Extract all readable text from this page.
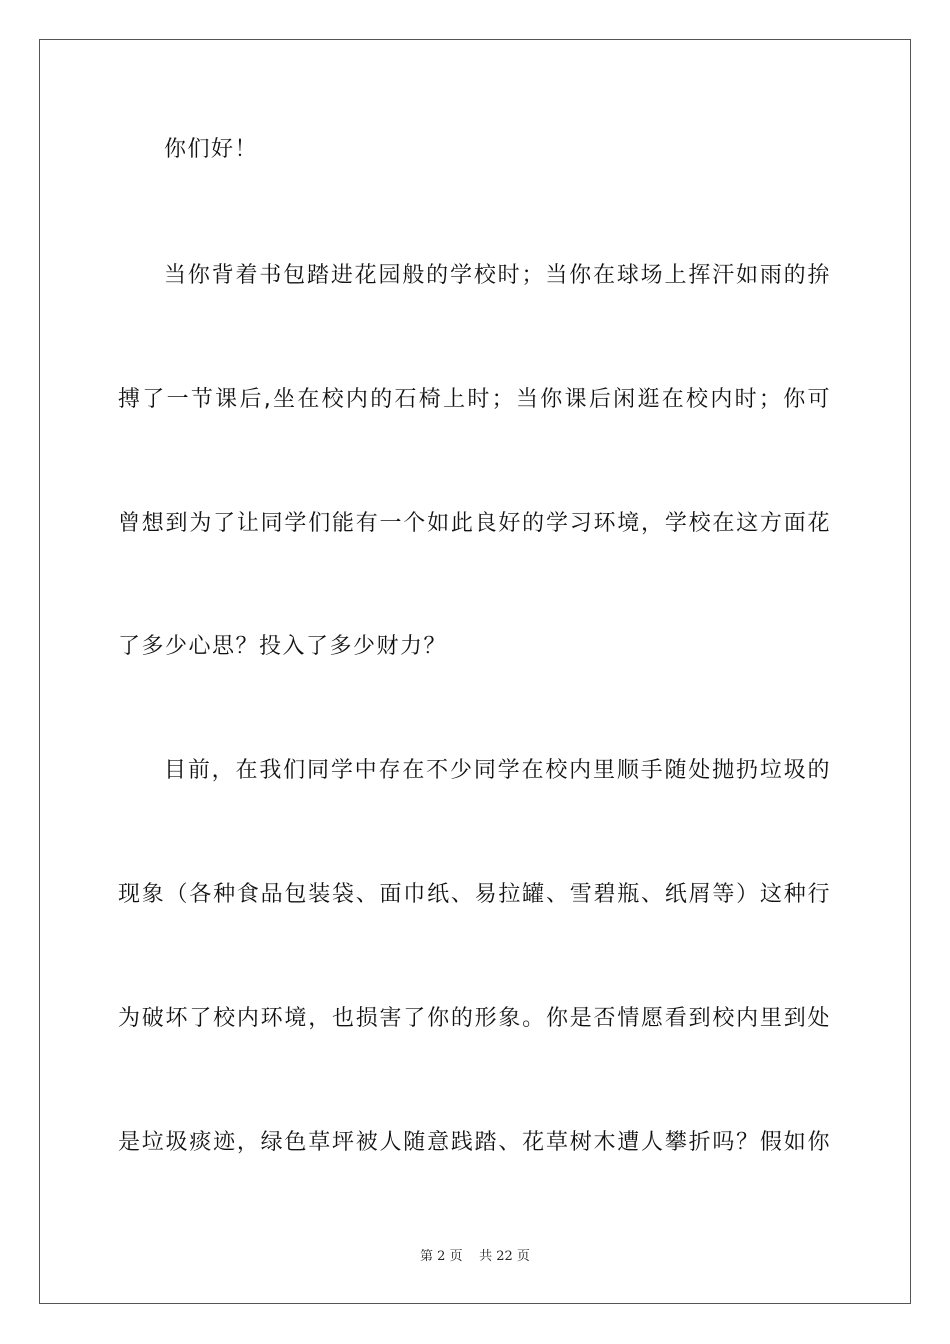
你们好！
当你背着书包踏进花园般的学校时；当你在球场上挥汗如雨的拚
搏了一节课后,坐在校内的石椅上时；当你课后闲逛在校内时；你可
曾想到为了让同学们能有一个如此良好的学习环境，学校在这方面花
了多少心思？投入了多少财力？
目前，在我们同学中存在不少同学在校内里顺手随处抛扔垃圾的
现象（各种食品包装袋、面巾纸、易拉罐、雪碧瓶、纸屑等）这种行
为破坏了校内环境，也损害了你的形象。你是否情愿看到校内里到处
是垃圾痰迹，绿色草坪被人随意践踏、花草树木遭人攀折吗？假如你
第 2 页 共 22 页
